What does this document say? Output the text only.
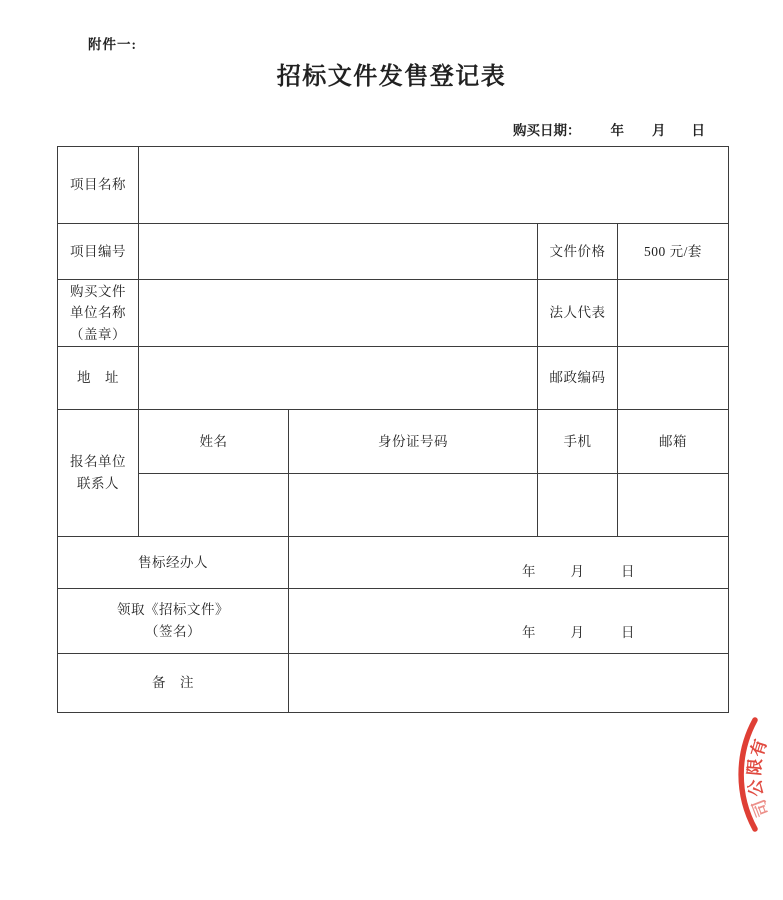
附件一:
招标文件发售登记表
购买日期： 年 月 日
项目名称				
项目编号			文件价格	500 元/套

购买文件
单位名称
（盖章）			法人代表	
地　址			邮政编码	

报名单位
联系人	姓名	身份证号码	手机	邮箱

售标经办人		年 月 日		

领取《招标文件》
（签名）	年	月	日

备　注				
有
限
公
司
